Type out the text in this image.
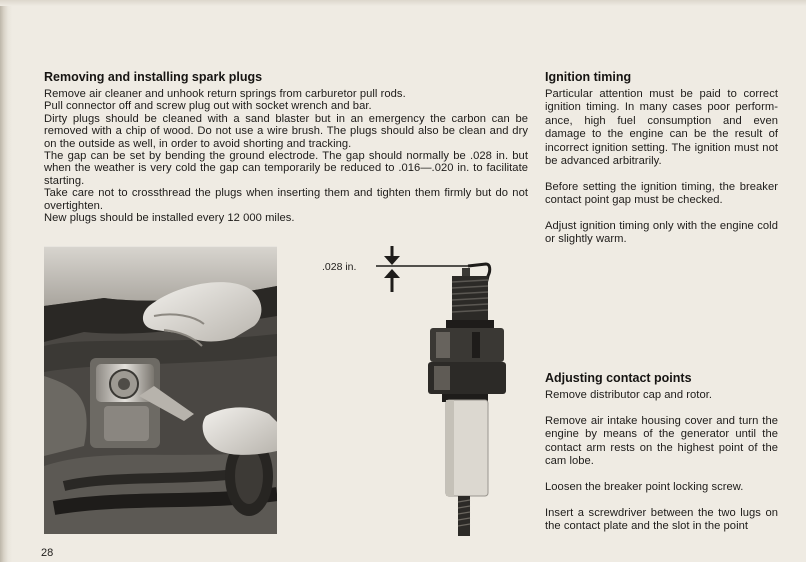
Removing and installing spark plugs

Remove air cleaner and unhook return springs from carburetor pull rods.

Pull connector off and screw plug out with socket wrench and bar.

Dirty plugs should be cleaned with a sand blaster but in an emergency the carbon can be removed with a chip of wood. Do not use a wire brush. The plugs should also be clean and dry on the outside as well, in order to avoid shorting and tracking.

The gap can be set by bending the ground electrode. The gap should normally be .028 in. but when the weather is very cold the gap can temporarily be reduced to .016—.020 in. to facilitate starting.

Take care not to crossthread the plugs when inserting them and tighten them firmly but do not overtighten.

New plugs should be installed every 12 000 miles.

Ignition timing

Particular attention must be paid to correct ignition timing. In many cases poor perform-ance, high fuel consumption and even damage to the engine can be the result of incorrect ignition setting. The ignition must not be advanced arbitrarily.

Before setting the ignition timing, the breaker contact point gap must be checked.

Adjust ignition timing only with the engine cold or slightly warm.

Adjusting contact points

Remove distributor cap and rotor.

Remove air intake housing cover and turn the engine by means of the generator until the contact arm rests on the highest point of the cam lobe.

Loosen the breaker point locking screw.

Insert a screwdriver between the two lugs on the contact plate and the slot in the point

.028 in.
28
